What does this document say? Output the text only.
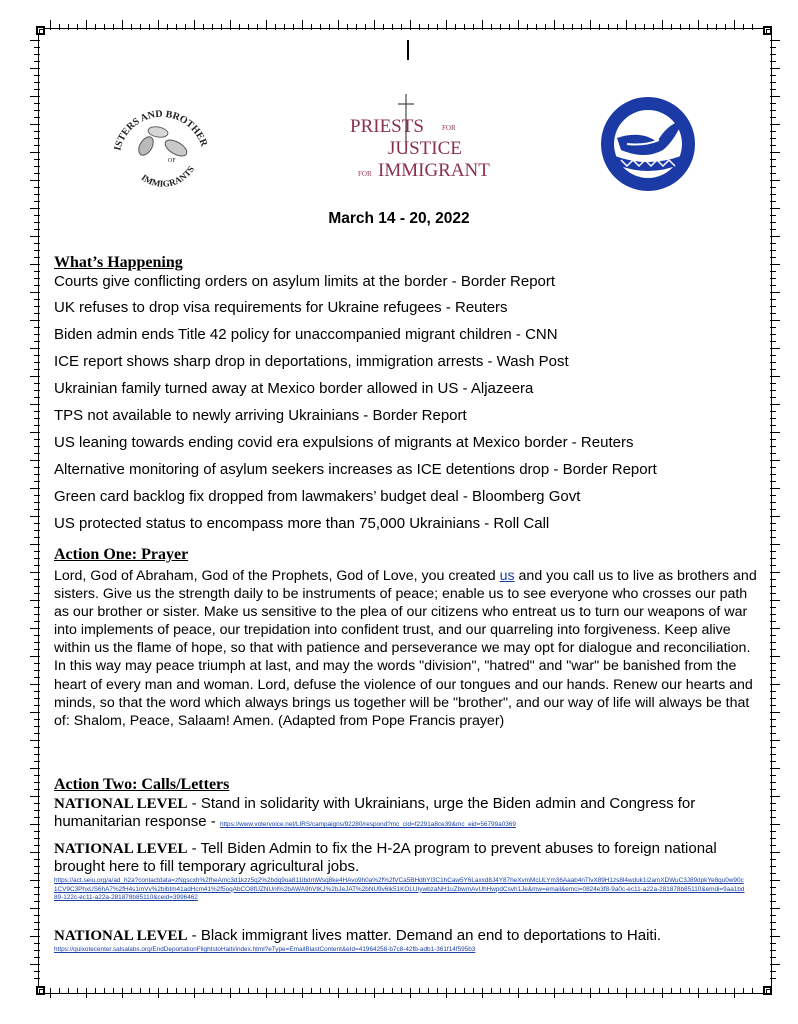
ISTERS AND BROTHER
IMMIGRANTS
OF
PRIESTS	FOR
JUSTICE
FOR IMMIGRANTS
March 14 - 20, 2022
What’s Happening
Courts give conflicting orders on asylum limits at the border - Border Report
UK refuses to drop visa requirements for Ukraine refugees - Reuters
Biden admin ends Title 42 policy for unaccompanied migrant children - CNN
ICE report shows sharp drop in deportations, immigration arrests - Wash Post
Ukrainian family turned away at Mexico border allowed in US - Aljazeera
TPS not available to newly arriving Ukrainians - Border Report
US leaning towards ending covid era expulsions of migrants at Mexico border - Reuters
Alternative monitoring of asylum seekers increases as ICE detentions drop - Border Report
Green card backlog fix dropped from lawmakers’ budget deal - Bloomberg Govt
US protected status to encompass more than 75,000 Ukrainians - Roll Call
Action One: Prayer
Lord, God of Abraham, God of the Prophets, God of Love, you created us and you call us to live as brothers and sisters. Give us the strength daily to be instruments of peace; enable us to see everyone who crosses our path as our brother or sister. Make us sensitive to the plea of our citizens who entreat us to turn our weapons of war into implements of peace, our trepidation into confident trust, and our quarreling into forgiveness. Keep alive within us the flame of hope, so that with patience and perseverance we may opt for dialogue and reconciliation. In this way may peace triumph at last, and may the words "division", "hatred" and "war" be banished from the heart of every man and woman. Lord, defuse the violence of our tongues and our hands. Renew our hearts and minds, so that the word which always brings us together will be "brother", and our way of life will always be that of: Shalom, Peace, Salaam! Amen. (Adapted from Pope Francis prayer)
Action Two: Calls/Letters
NATIONAL LEVEL - Stand in solidarity with Ukrainians, urge the Biden admin and Congress for humanitarian response - https://www.votervoice.net/LIRS/campaigns/92280/respond?mc_cid=f2291a8ce39&mc_eid=56799a0369
NATIONAL LEVEL - Tell Biden Admin to fix the H-2A program to prevent abuses to foreign national brought here to fill temporary agricultural jobs.
https://act.seiu.org/a/ad_h2a?contactdata=zNgscxh%2fheAmc3d1kzz5q2%2bdq9oa811ibdmWsq8ke4HAvo9h0a%2f%2fVCa5BHdbYl3C1hCaw5Y6Laxxd8J4Y87heXvmMcULYm36Aaab4nTlvX89H1zs8l4wduk1i2amXDWuC3J89dpkYe8qu0w90c1CV9C3PhxUS6hA7%2fH4s1mVv%2bibtm41adHcm41%2f5oqAbCO8fUZNUnl%2bAWA9hVtKJ%2bJeJAT%2bNU9v6lk51KOLUIywbzaNH1uZbwmAvUhHwpdCsvh1Je&mw=email&emci=0824e3f8-9a0c-ec11-a22a-281878b85110&emdi=9aa1bd89-122c-ec11-a22a-281878b85110&ceid=3996462
NATIONAL LEVEL - Black immigrant lives matter. Demand an end to deportations to Haiti.
https://quixotecenter.salsalabs.org/EndDeportationFlightstoHaiti/index.html?eType=EmailBlastContent&eId=41964258-b7c8-42fb-adb1-361f14f595b3
